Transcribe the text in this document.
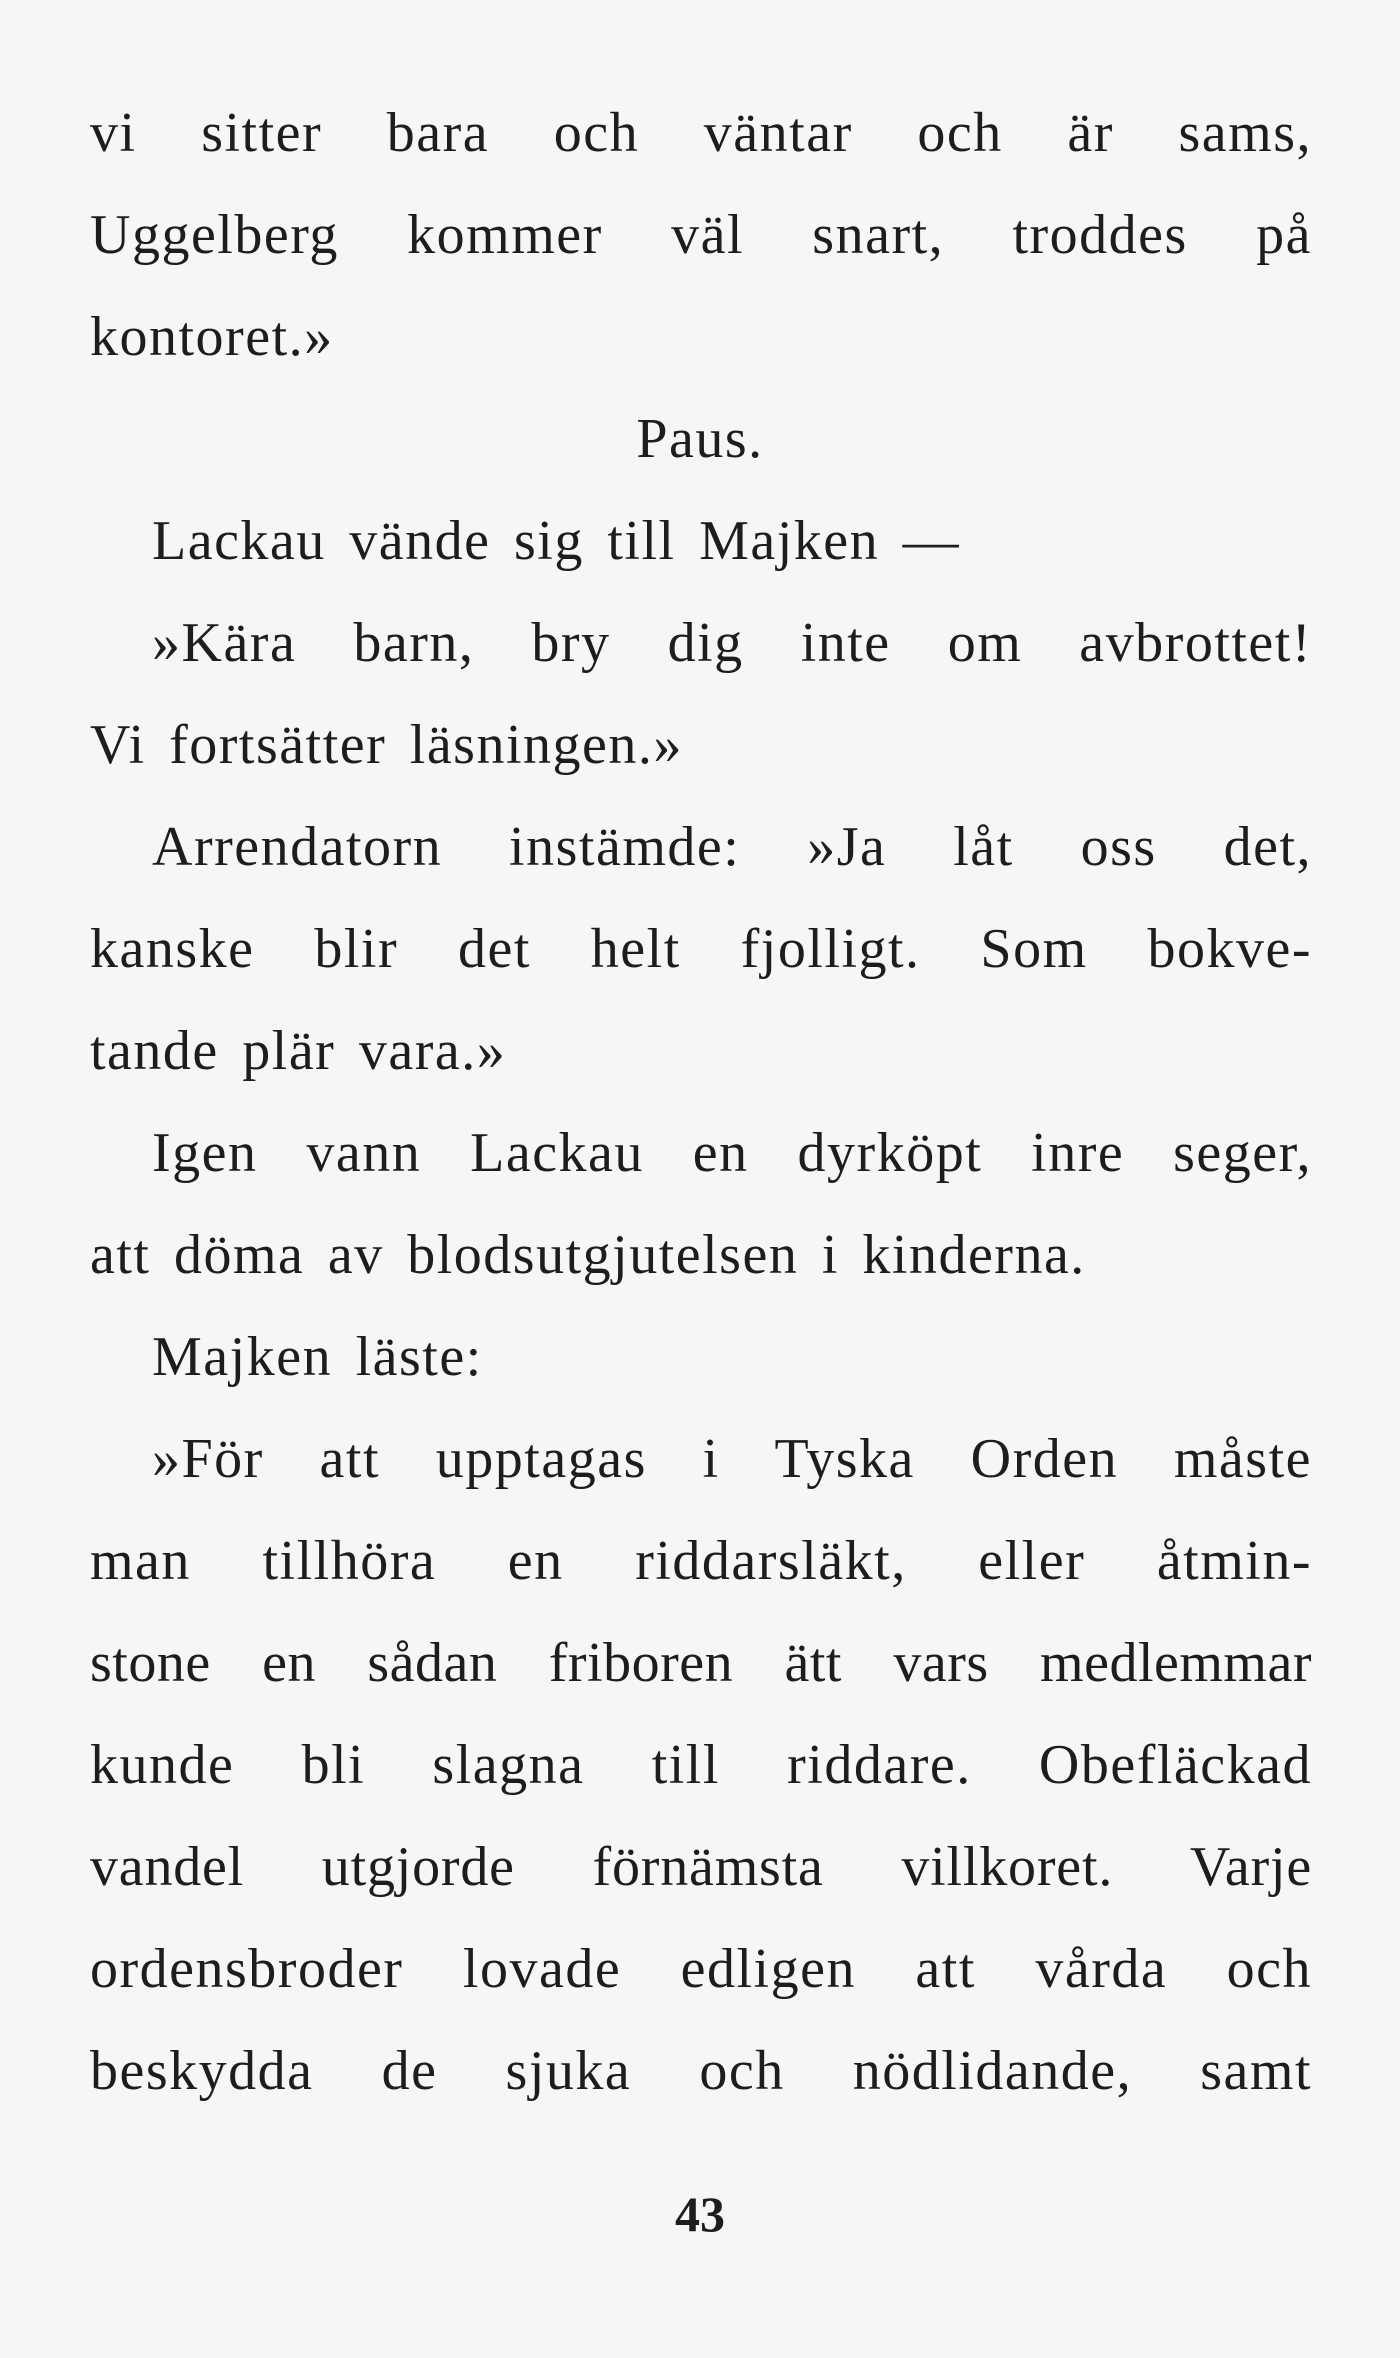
vi sitter bara och väntar och är sams,
Uggelberg kommer väl snart, troddes på
kontoret.»
Paus.
Lackau vände sig till Majken —
»Kära barn, bry dig inte om avbrottet!
Vi fortsätter läsningen.»
Arrendatorn instämde: »Ja låt oss det,
kanske blir det helt fjolligt. Som bokve-
tande plär vara.»
Igen vann Lackau en dyrköpt inre seger,
att döma av blodsutgjutelsen i kinderna.
Majken läste:
»För att upptagas i Tyska Orden måste
man tillhöra en riddarsläkt, eller åtmin-
stone en sådan friboren ätt vars medlemmar
kunde bli slagna till riddare. Obefläckad
vandel utgjorde förnämsta villkoret. Varje
ordensbroder lovade edligen att vårda och
beskydda de sjuka och nödlidande, samt
43
